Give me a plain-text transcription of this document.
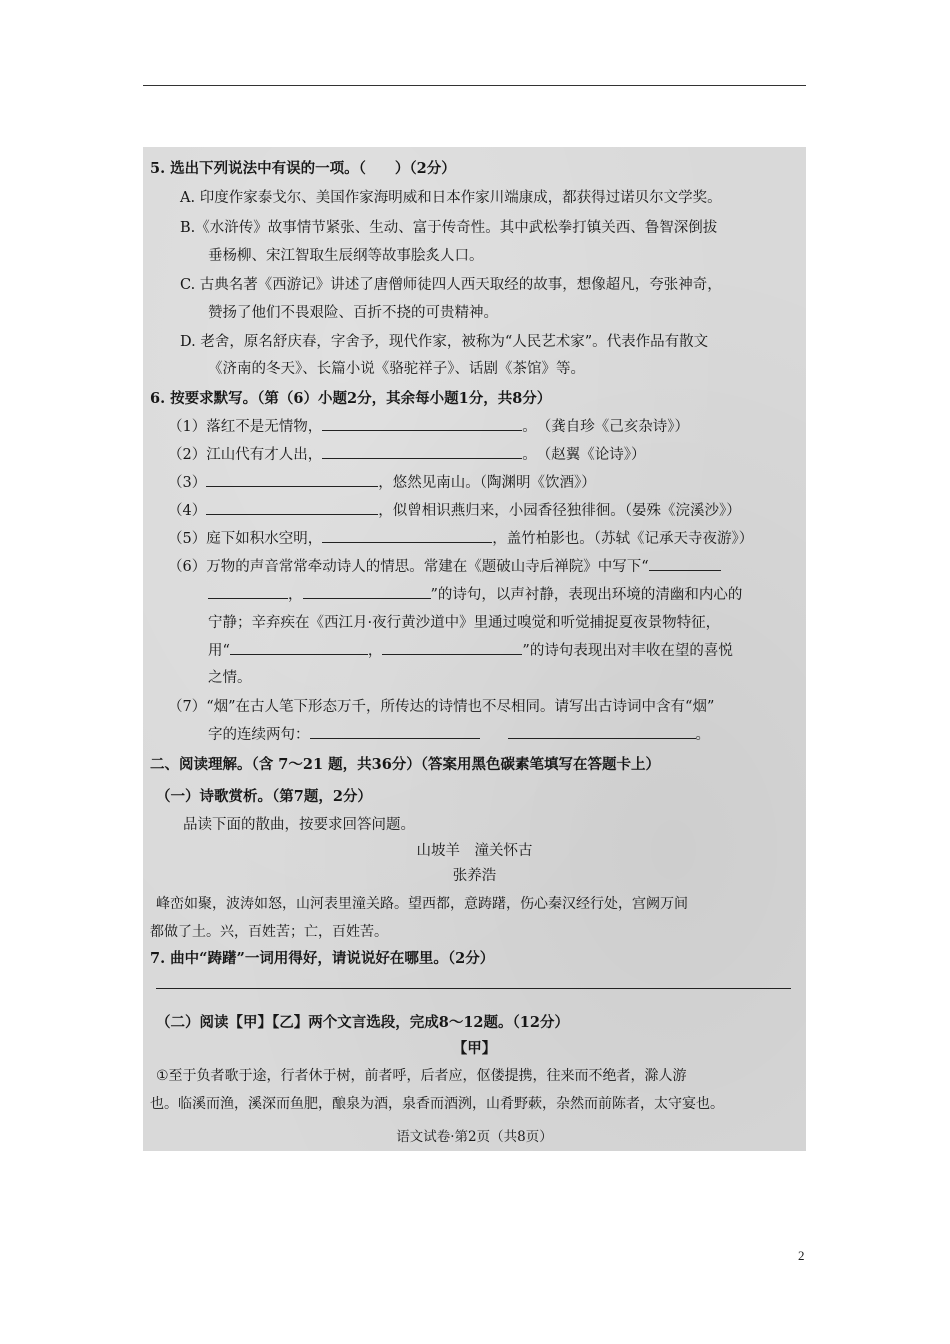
5. 选出下列说法中有误的一项。（　　）（2分）
A. 印度作家泰戈尔、美国作家海明威和日本作家川端康成，都获得过诺贝尔文学奖。
B.《水浒传》故事情节紧张、生动、富于传奇性。其中武松拳打镇关西、鲁智深倒拔
垂杨柳、宋江智取生辰纲等故事脍炙人口。
C. 古典名著《西游记》讲述了唐僧师徒四人西天取经的故事，想像超凡，夸张神奇，
赞扬了他们不畏艰险、百折不挠的可贵精神。
D. 老舍，原名舒庆春，字舍予，现代作家，被称为“人民艺术家”。代表作品有散文
《济南的冬天》、长篇小说《骆驼祥子》、话剧《茶馆》等。
6. 按要求默写。（第（6）小题2分，其余每小题1分，共8分）
（1）落红不是无情物，	。　（龚自珍《己亥杂诗》）
（2）江山代有才人出，	。　（赵翼《论诗》）
（3）	，悠然见南山。（陶渊明《饮酒》）
（4）	，似曾相识燕归来，小园香径独徘徊。（晏殊《浣溪沙》）
（5）庭下如积水空明，	，盖竹柏影也。（苏轼《记承天寺夜游》）
（6）万物的声音常常牵动诗人的情思。常建在《题破山寺后禅院》中写下“
，	”的诗句，以声衬静，表现出环境的清幽和内心的
宁静；辛弃疾在《西江月·夜行黄沙道中》里通过嗅觉和听觉捕捉夏夜景物特征，
用“	，	”的诗句表现出对丰收在望的喜悦
之情。
（7）“烟”在古人笔下形态万千，所传达的诗情也不尽相同。请写出古诗词中含有“烟”
字的连续两句：	。
二、阅读理解。（含 7～21 题，共36分）（答案用黑色碳素笔填写在答题卡上）
（一）诗歌赏析。（第7题，2分）
品读下面的散曲，按要求回答问题。
山坡羊　潼关怀古
张养浩
峰峦如聚，波涛如怒，山河表里潼关路。望西都，意踌躇，伤心秦汉经行处，宫阙万间
都做了土。兴，百姓苦；亡，百姓苦。
7. 曲中“踌躇”一词用得好，请说说好在哪里。（2分）
（二）阅读【甲】【乙】两个文言选段，完成8～12题。（12分）
【甲】
①至于负者歌于途，行者休于树，前者呼，后者应，伛偻提携，往来而不绝者，滁人游
也。临溪而渔，溪深而鱼肥，酿泉为酒，泉香而酒洌，山肴野蔌，杂然而前陈者，太守宴也。
语文试卷·第2页（共8页）
2
